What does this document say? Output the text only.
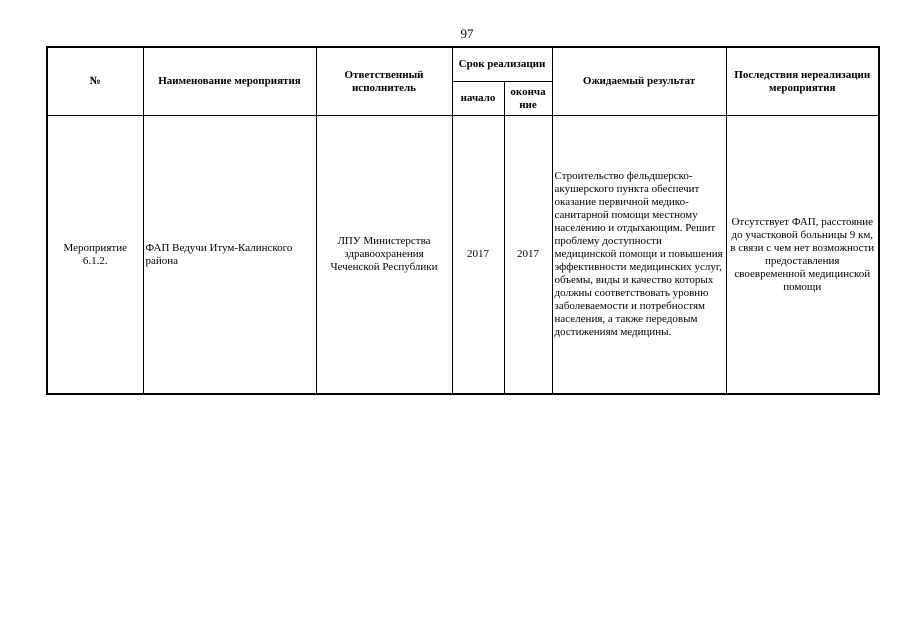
97
№	Наименование мероприятия	Ответственный исполнитель	Срок реализации		Ожидаемый результат	Последствия нереализации мероприятия
			начало	оконча ние		
Мероприятие 6.1.2.	ФАП Ведучи Итум-Калинского района	ЛПУ Министерства здравоохранения Чеченской Республики	2017	2017	Строительство фельдшерско-акушерского пункта обеспечит оказание первичной медико-санитарной помощи местному населению и отдыхающим. Решит проблему доступности медицинской помощи и повышения эффективности медицинских услуг, объемы, виды и качество которых должны соответствовать уровню заболеваемости и потребностям населения, а также передовым достижениям медицины.	Отсутствует ФАП, расстояние до участковой больницы 9 км, в связи с чем нет возможности предоставления своевременной медицинской помощи
